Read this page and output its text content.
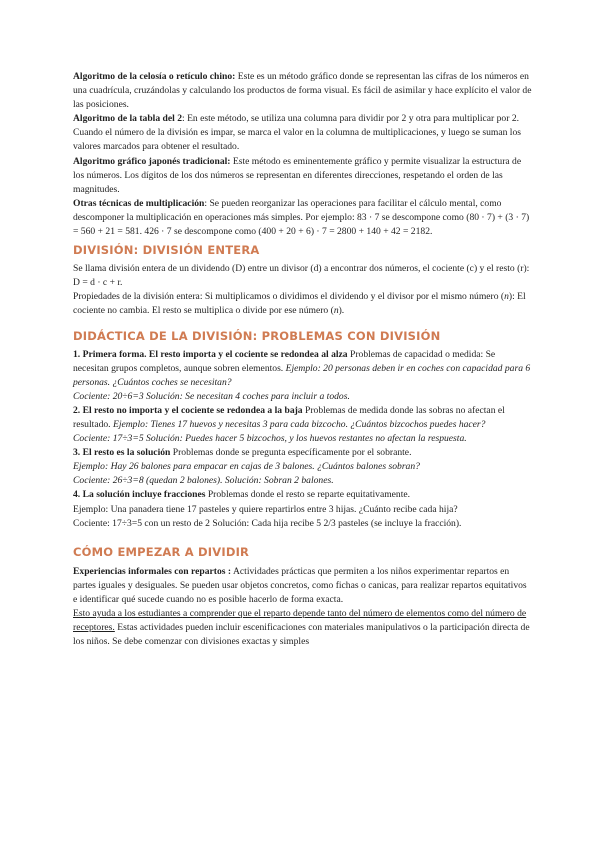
Algoritmo de la celosía o retículo chino: Este es un método gráfico donde se representan las cifras de los números en una cuadrícula, cruzándolas y calculando los productos de forma visual. Es fácil de asimilar y hace explícito el valor de las posiciones.

Algoritmo de la tabla del 2: En este método, se utiliza una columna para dividir por 2 y otra para multiplicar por 2. Cuando el número de la división es impar, se marca el valor en la columna de multiplicaciones, y luego se suman los valores marcados para obtener el resultado.

Algoritmo gráfico japonés tradicional: Este método es eminentemente gráfico y permite visualizar la estructura de los números. Los dígitos de los dos números se representan en diferentes direcciones, respetando el orden de las magnitudes.

Otras técnicas de multiplicación: Se pueden reorganizar las operaciones para facilitar el cálculo mental, como descomponer la multiplicación en operaciones más simples. Por ejemplo: 83 · 7 se descompone como (80 · 7) + (3 · 7) = 560 + 21 = 581. 426 · 7 se descompone como (400 + 20 + 6) · 7 = 2800 + 140 + 42 = 2182.

DIVISIÓN: DIVISIÓN ENTERA

Se llama división entera de un dividendo (D) entre un divisor (d) a encontrar dos números, el cociente (c) y el resto (r): D = d · c + r.

Propiedades de la división entera: Si multiplicamos o dividimos el dividendo y el divisor por el mismo número (n): El cociente no cambia. El resto se multiplica o divide por ese número (n).

DIDÁCTICA DE LA DIVISIÓN: PROBLEMAS CON DIVISIÓN

1. Primera forma. El resto importa y el cociente se redondea al alza Problemas de capacidad o medida: Se necesitan grupos completos, aunque sobren elementos. Ejemplo: 20 personas deben ir en coches con capacidad para 6 personas. ¿Cuántos coches se necesitan?

Cociente: 20÷6=3 Solución: Se necesitan 4 coches para incluir a todos.

2. El resto no importa y el cociente se redondea a la baja Problemas de medida donde las sobras no afectan el resultado. Ejemplo: Tienes 17 huevos y necesitas 3 para cada bizcocho. ¿Cuántos bizcochos puedes hacer?

Cociente: 17÷3=5 Solución: Puedes hacer 5 bizcochos, y los huevos restantes no afectan la respuesta.

3. El resto es la solución Problemas donde se pregunta específicamente por el sobrante.

Ejemplo: Hay 26 balones para empacar en cajas de 3 balones. ¿Cuántos balones sobran?

Cociente: 26÷3=8 (quedan 2 balones). Solución: Sobran 2 balones.

4. La solución incluye fracciones Problemas donde el resto se reparte equitativamente.

Ejemplo: Una panadera tiene 17 pasteles y quiere repartirlos entre 3 hijas. ¿Cuánto recibe cada hija?

Cociente: 17÷3=5 con un resto de 2 Solución: Cada hija recibe 5 2/3 pasteles (se incluye la fracción).

CÓMO EMPEZAR A DIVIDIR

Experiencias informales con repartos : Actividades prácticas que permiten a los niños experimentar repartos en partes iguales y desiguales. Se pueden usar objetos concretos, como fichas o canicas, para realizar repartos equitativos e identificar qué sucede cuando no es posible hacerlo de forma exacta.

Esto ayuda a los estudiantes a comprender que el reparto depende tanto del número de elementos como del número de receptores. Estas actividades pueden incluir escenificaciones con materiales manipulativos o la participación directa de los niños. Se debe comenzar con divisiones exactas y simples
